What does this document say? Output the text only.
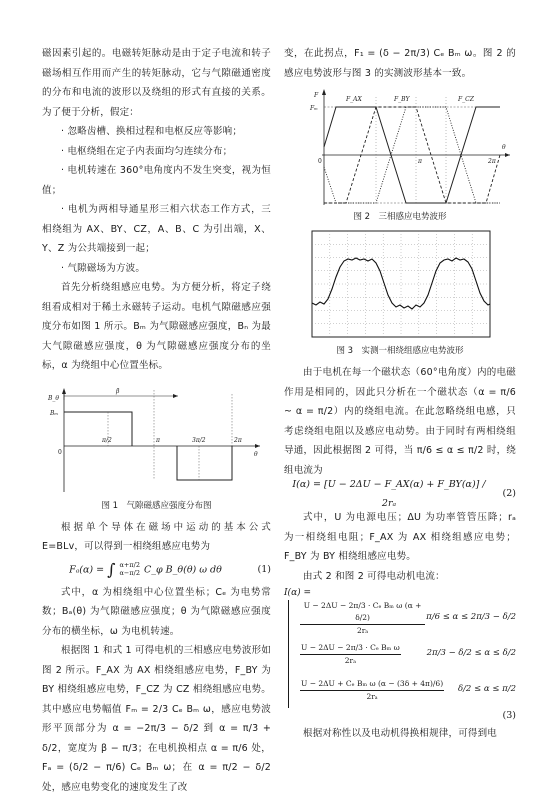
磁因素引起的。电磁转矩脉动是由于定子电流和转子磁场相互作用而产生的转矩脉动，它与气隙磁通密度的分布和电流的波形以及绕组的形式有直接的关系。为了便于分析，假定：
· 忽略齿槽、换相过程和电枢反应等影响；
· 电枢绕组在定子内表面均匀连续分布；
· 电机转速在 360°电角度内不发生突变，视为恒值；
· 电机为两相导通星形三相六状态工作方式，三相绕组为 AX、BY、CZ，A、B、C 为引出端，X、Y、Z 为公共端接到一起；
· 气隙磁场为方波。
首先分析绕组感应电势。为方便分析，将定子绕组看成相对于稀土永磁转子运动。电机气隙磁感应强度分布如图 1 所示。Bₘ 为气隙磁感应强度，Bₙ 为最大气隙磁感应强度，θ 为气隙磁感应强度分布的坐标，α 为绕组中心位置坐标。
B_θ
Bₘ
β
0
π/2	π	3π/2	2π
θ
图 1　气隙磁感应强度分布图
根据单个导体在磁场中运动的基本公式 E=BLv，可以得到一相绕组感应电势为
Fₐ(α) = ∫ α+π/2
α−π/2 C_φ B_θ(θ) ω dθ	(1)
式中，α 为相绕组中心位置坐标；Cₑ 为电势常数；Bₐ(θ) 为气隙磁感应强度；θ 为气隙磁感应强度分布的横坐标，ω 为电机转速。
根据图 1 和式 1 可得电机的三相感应电势波形如图 2 所示。F_AX 为 AX 相绕组感应电势，F_BY 为 BY 相绕组感应电势，F_CZ 为 CZ 相绕组感应电势。其中感应电势幅值 Fₘ = 2/3 Cₑ Bₘ ω，感应电势波形平顶部分为 α = −2π/3 − δ/2 到 α = π/3 + δ/2，宽度为 β − π/3；在电机换相点 α = π/6 处，Fₐ = (δ/2 − π/6) Cₑ Bₘ ω；在 α = π/2 − δ/2 处，感应电势变化的速度发生了改
变，在此拐点，F₁ = (δ − 2π/3) Cₑ Bₘ ω。图 2 的感应电势波形与图 3 的实测波形基本一致。
F
Fₘ
F_AX	F_BY	F_CZ
0	π	2π
θ
图 2　三相感应电势波形
图 3　实测一相绕组感应电势波形
由于电机在每一个磁状态（60°电角度）内的电磁作用是相同的，因此只分析在一个磁状态（α = π/6 ~ α = π/2）内的绕组电流。在此忽略绕组电感，只考虑绕组电阻以及感应电动势。由于同时有两相绕组导通，因此根据图 2 可得，当 π/6 ≤ α ≤ π/2 时，绕组电流为
I(α) = [U − 2ΔU − F_AX(α) + F_BY(α)] / 2rₐ
(2)
式中，U 为电源电压；ΔU 为功率管管压降；rₐ 为一相绕组电阻；F_AX 为 AX 相绕组感应电势；F_BY 为 BY 相绕组感应电势。
由式 2 和图 2 可得电动机电流：
I(α) =
$\frac{\text{U − 2ΔU − 2π/3 · Cₑ Bₘ ω (α + δ/2)}}{\text{2rₐ}} \pi/6 \le \alpha \le 2\pi/3 - \delta/2$
$\frac{\text{U − 2ΔU − 2π/3 · Cₑ Bₘ ω}}{\text{2rₐ}}$	2π/3 − δ/2 ≤ α ≤ δ/2
$\frac{\text{U − 2ΔU + Cₑ Bₘ ω (α − (3δ + 4π)/6)}}{\text{2rₐ}} \delta/2 \le \alpha \le \pi/2$
(3)
根据对称性以及电动机得换相规律，可得到电
